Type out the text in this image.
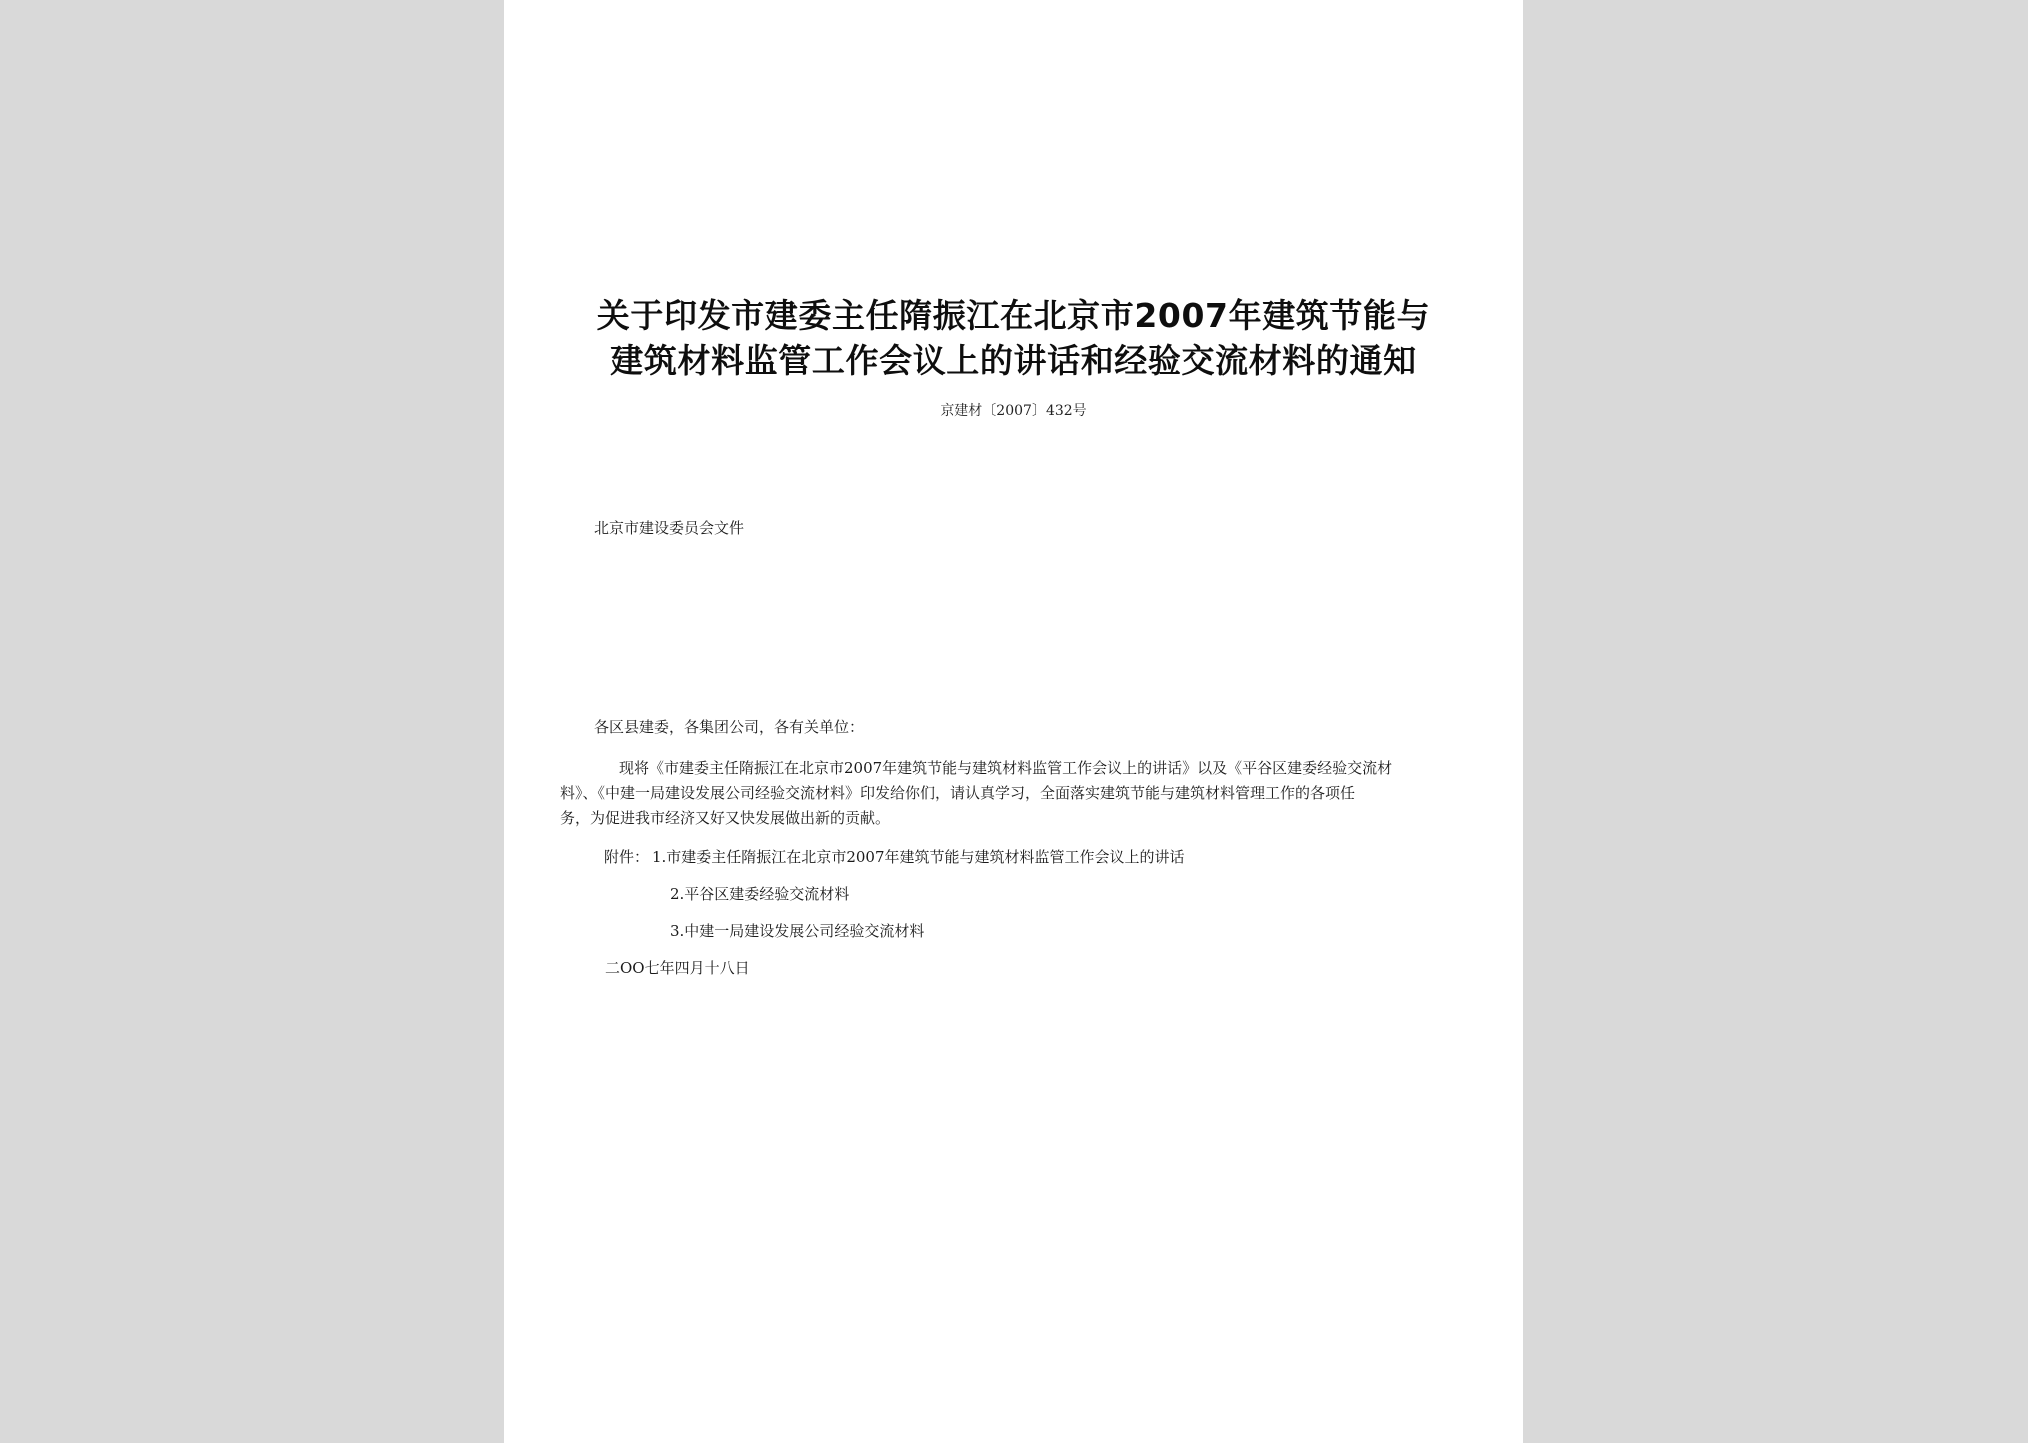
关于印发市建委主任隋振江在北京市2007年建筑节能与
建筑材料监管工作会议上的讲话和经验交流材料的通知
京建材〔2007〕432号
北京市建设委员会文件
各区县建委，各集团公司，各有关单位：
现将《市建委主任隋振江在北京市2007年建筑节能与建筑材料监管工作会议上的讲话》以及《平谷区建委经验交流材
料》、《中建一局建设发展公司经验交流材料》印发给你们，请认真学习，全面落实建筑节能与建筑材料管理工作的各项任
务，为促进我市经济又好又快发展做出新的贡献。
附件： 1.市建委主任隋振江在北京市2007年建筑节能与建筑材料监管工作会议上的讲话
2.平谷区建委经验交流材料
3.中建一局建设发展公司经验交流材料
二OO七年四月十八日
